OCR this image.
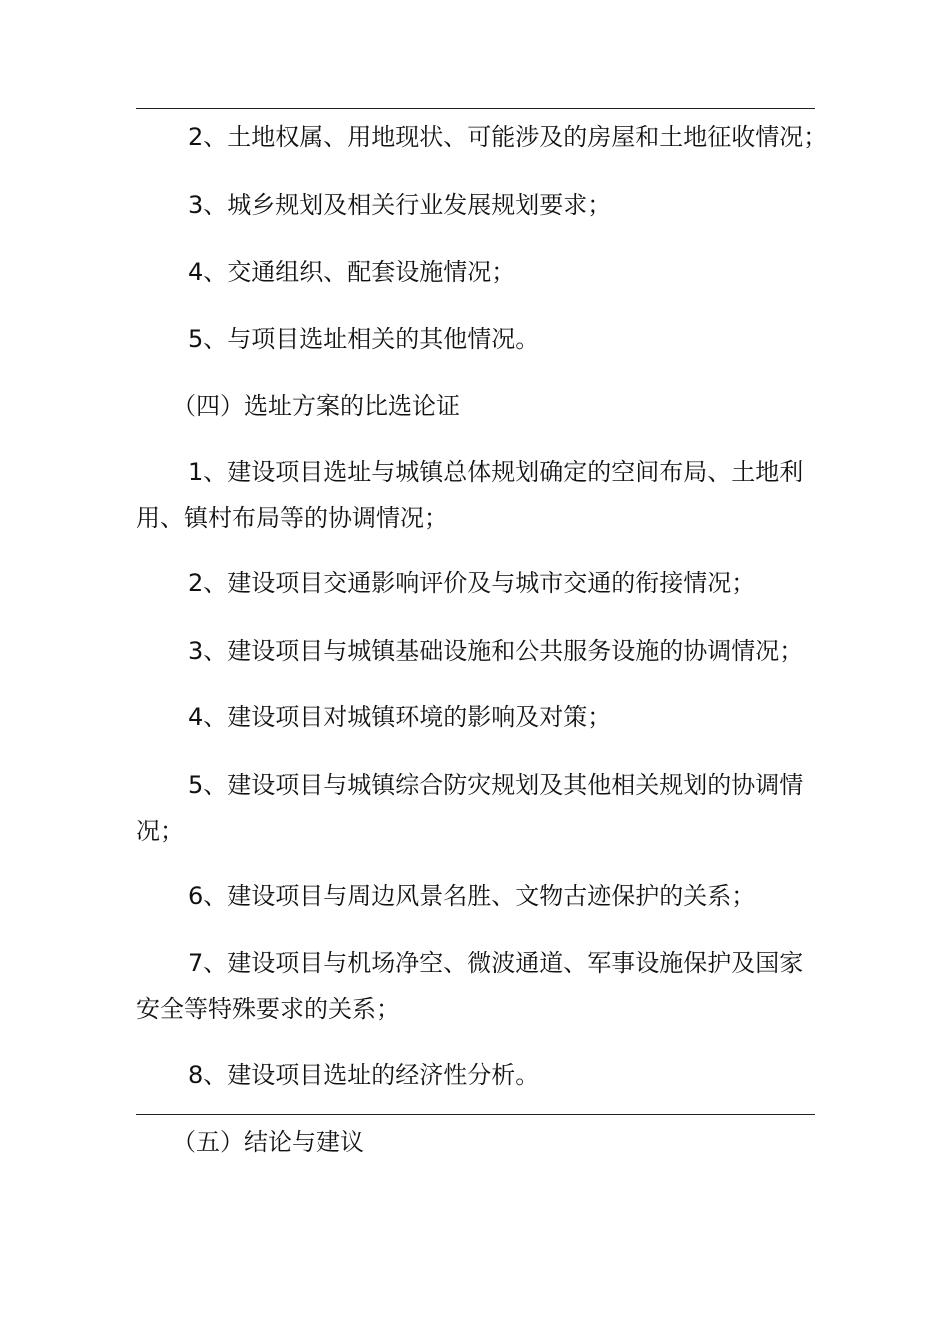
2、土地权属、用地现状、可能涉及的房屋和土地征收情况；

3、城乡规划及相关行业发展规划要求；

4、交通组织、配套设施情况；

5、与项目选址相关的其他情况。

（四）选址方案的比选论证

1、建设项目选址与城镇总体规划确定的空间布局、土地利
用、镇村布局等的协调情况；

2、建设项目交通影响评价及与城市交通的衔接情况；

3、建设项目与城镇基础设施和公共服务设施的协调情况；

4、建设项目对城镇环境的影响及对策；

5、建设项目与城镇综合防灾规划及其他相关规划的协调情
况；

6、建设项目与周边风景名胜、文物古迹保护的关系；

7、建设项目与机场净空、微波通道、军事设施保护及国家
安全等特殊要求的关系；

8、建设项目选址的经济性分析。

（五）结论与建议
